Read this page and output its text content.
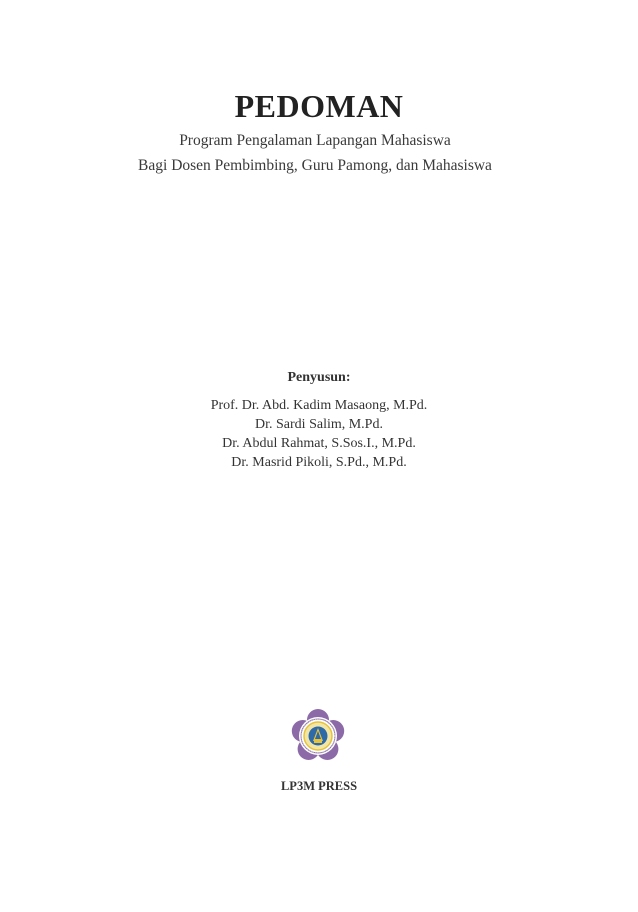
PEDOMAN

Program Pengalaman Lapangan Mahasiswa

Bagi Dosen Pembimbing, Guru Pamong, dan Mahasiswa

Penyusun:

Prof. Dr. Abd. Kadim Masaong, M.Pd.

Dr. Sardi Salim, M.Pd.

Dr. Abdul Rahmat, S.Sos.I., M.Pd.

Dr. Masrid Pikoli, S.Pd., M.Pd.

LP3M PRESS
